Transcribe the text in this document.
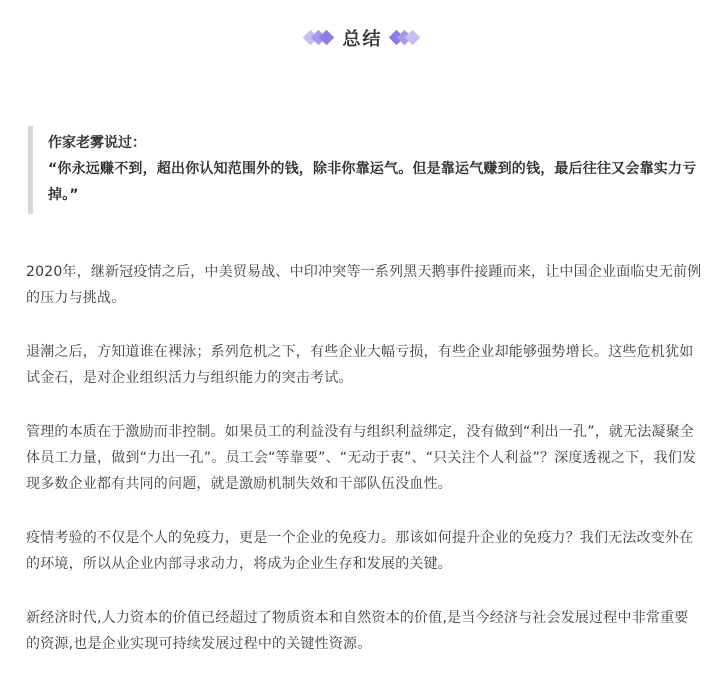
总结
作家老雾说过：
“你永远赚不到，超出你认知范围外的钱，除非你靠运气。但是靠运气赚到的钱，最后往往又会靠实力亏掉。”
2020年，继新冠疫情之后，中美贸易战、中印冲突等一系列黑天鹅事件接踵而来，让中国企业面临史无前例的压力与挑战。
退潮之后，方知道谁在裸泳；系列危机之下，有些企业大幅亏损，有些企业却能够强势增长。这些危机犹如试金石，是对企业组织活力与组织能力的突击考试。
管理的本质在于激励而非控制。如果员工的利益没有与组织利益绑定，没有做到“利出一孔”，就无法凝聚全体员工力量，做到“力出一孔”。员工会“等靠要”、“无动于衷”、“只关注个人利益”？深度透视之下，我们发现多数企业都有共同的问题，就是激励机制失效和干部队伍没血性。
疫情考验的不仅是个人的免疫力，更是一个企业的免疫力。那该如何提升企业的免疫力？我们无法改变外在的环境，所以从企业内部寻求动力，将成为企业生存和发展的关键。
新经济时代,人力资本的价值已经超过了物质资本和自然资本的价值,是当今经济与社会发展过程中非常重要的资源,也是企业实现可持续发展过程中的关键性资源。
